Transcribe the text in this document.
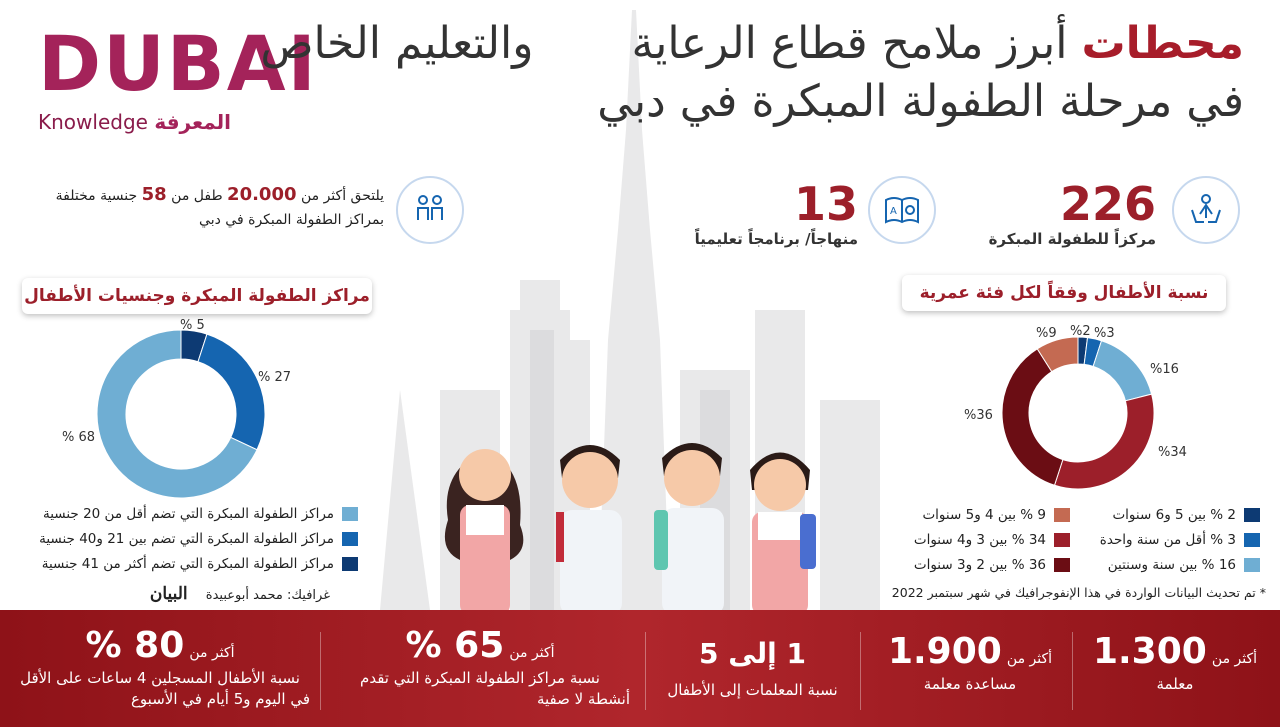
DUBAI
Knowledge المعرفة
محطات أبرز ملامح قطاع الرعاية  والتعليم الخاص
في مرحلة الطفولة المبكرة في دبي
226
مركزاً للطفولة المبكرة
A
13
منهاجاً/ برنامجاً تعليمياً
يلتحق أكثر من 20.000 طفل من 58 جنسية مختلفة
بمراكز الطفولة المبكرة في دبي
مراكز الطفولة المبكرة وجنسيات الأطفال	نسبة الأطفال وفقاً لكل فئة عمرية
% 5
% 27
% 68
مراكز الطفولة المبكرة التي تضم أقل من 20 جنسية
مراكز الطفولة المبكرة التي تضم بين 21 و40 جنسية
مراكز الطفولة المبكرة التي تضم أكثر من 41 جنسية
غرافيك: محمد أبوعبيدة البيان
%2 %3
%16
%9
%34
%36
2 % بين 5 و6 سنوات
3 % أقل من سنة واحدة
16 % بين سنة وسنتين
9 % بين 4 و5 سنوات
34 % بين 3 و4 سنوات
36 % بين 2 و3 سنوات
* تم تحديث البيانات الواردة في هذا الإنفوجرافيك في شهر سبتمبر 2022
أكثر من 1.300
معلمة
أكثر من 1.900
مساعدة معلمة
1 إلى 5
نسبة المعلمات إلى الأطفال
أكثر من 65 %
نسبة مراكز الطفولة المبكرة التي تقدم
أنشطة لا صفية
أكثر من 80 %
نسبة الأطفال المسجلين 4 ساعات على الأقل
في اليوم و5 أيام في الأسبوع
